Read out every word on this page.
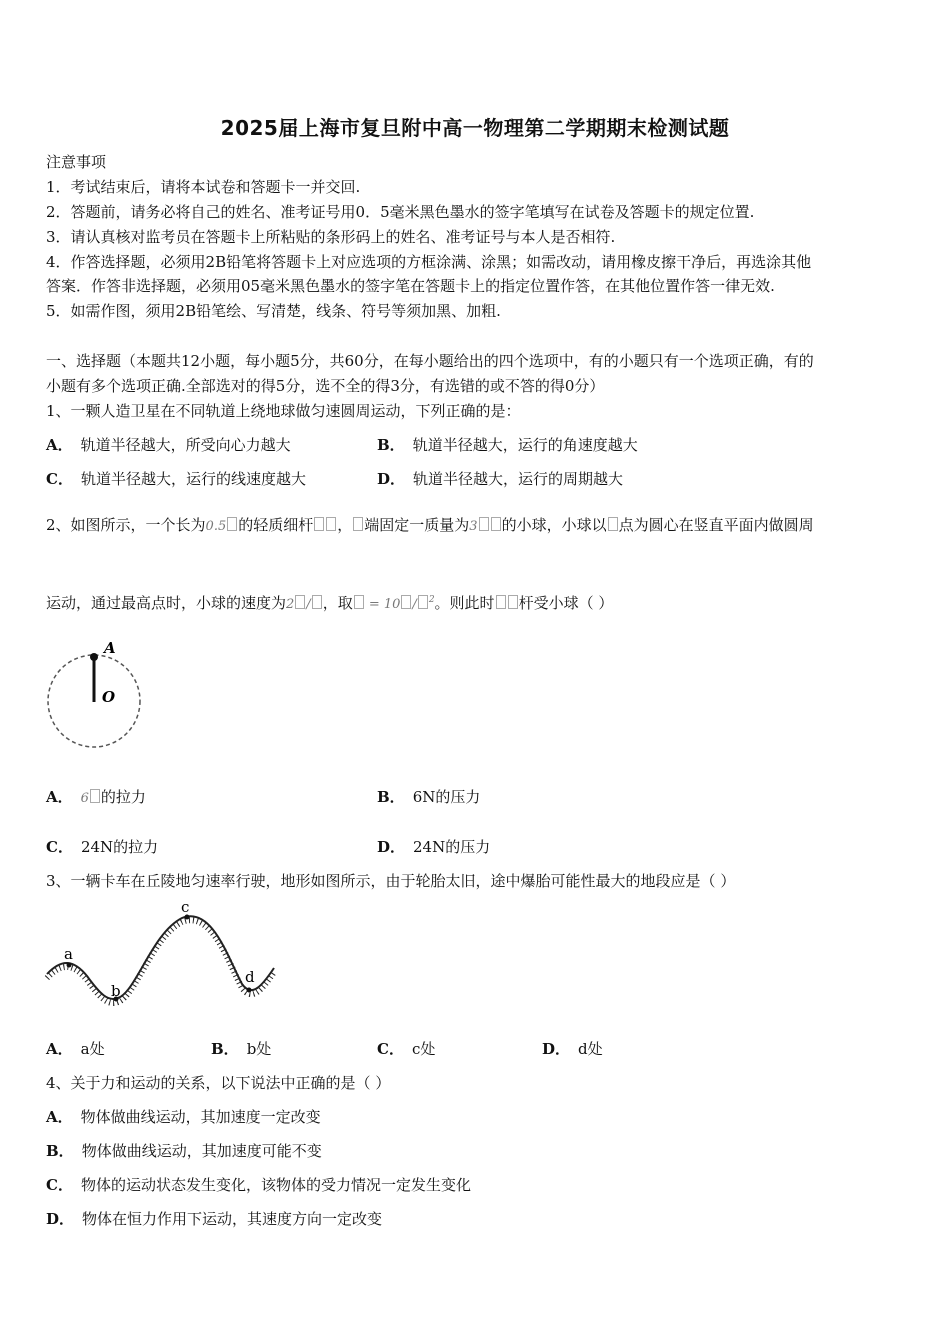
2025届上海市复旦附中高一物理第二学期期末检测试题
注意事项
1．考试结束后，请将本试卷和答题卡一并交回.
2．答题前，请务必将自己的姓名、准考证号用0．5毫米黑色墨水的签字笔填写在试卷及答题卡的规定位置.
3．请认真核对监考员在答题卡上所粘贴的条形码上的姓名、准考证号与本人是否相符.
4．作答选择题，必须用2B铅笔将答题卡上对应选项的方框涂满、涂黑；如需改动，请用橡皮擦干净后，再选涂其他
答案．作答非选择题，必须用05毫米黑色墨水的签字笔在答题卡上的指定位置作答，在其他位置作答一律无效.
5．如需作图，须用2B铅笔绘、写清楚，线条、符号等须加黑、加粗.
一、选择题（本题共12小题，每小题5分，共60分，在每小题给出的四个选项中，有的小题只有一个选项正确，有的
小题有多个选项正确.全部选对的得5分，选不全的得3分，有选错的或不答的得0分）
1、一颗人造卫星在不同轨道上绕地球做匀速圆周运动，下列正确的是：
A． 轨道半径越大，所受向心力越大	B． 轨道半径越大，运行的角速度越大
C． 轨道半径越大，运行的线速度越大	D． 轨道半径越大，运行的周期越大
2、如图所示，一个长为0.5 的轻质细杆 ， 端固定一质量为3 的小球，小球以 点为圆心在竖直平面内做圆周
运动，通过最高点时，小球的速度为2 / ，取 = 10 / $^2$。则此时 杆受小球（ ）
A
O
A． 6 的拉力	B． 6N的压力
C． 24N的拉力	D． 24N的压力
3、一辆卡车在丘陵地匀速率行驶，地形如图所示，由于轮胎太旧，途中爆胎可能性最大的地段应是（ ）
a
b
c
d
A． a处	B． b处	C． c处	D． d处
4、关于力和运动的关系，以下说法中正确的是（ ）
A． 物体做曲线运动，其加速度一定改变
B． 物体做曲线运动，其加速度可能不变
C． 物体的运动状态发生变化，该物体的受力情况一定发生变化
D． 物体在恒力作用下运动，其速度方向一定改变
